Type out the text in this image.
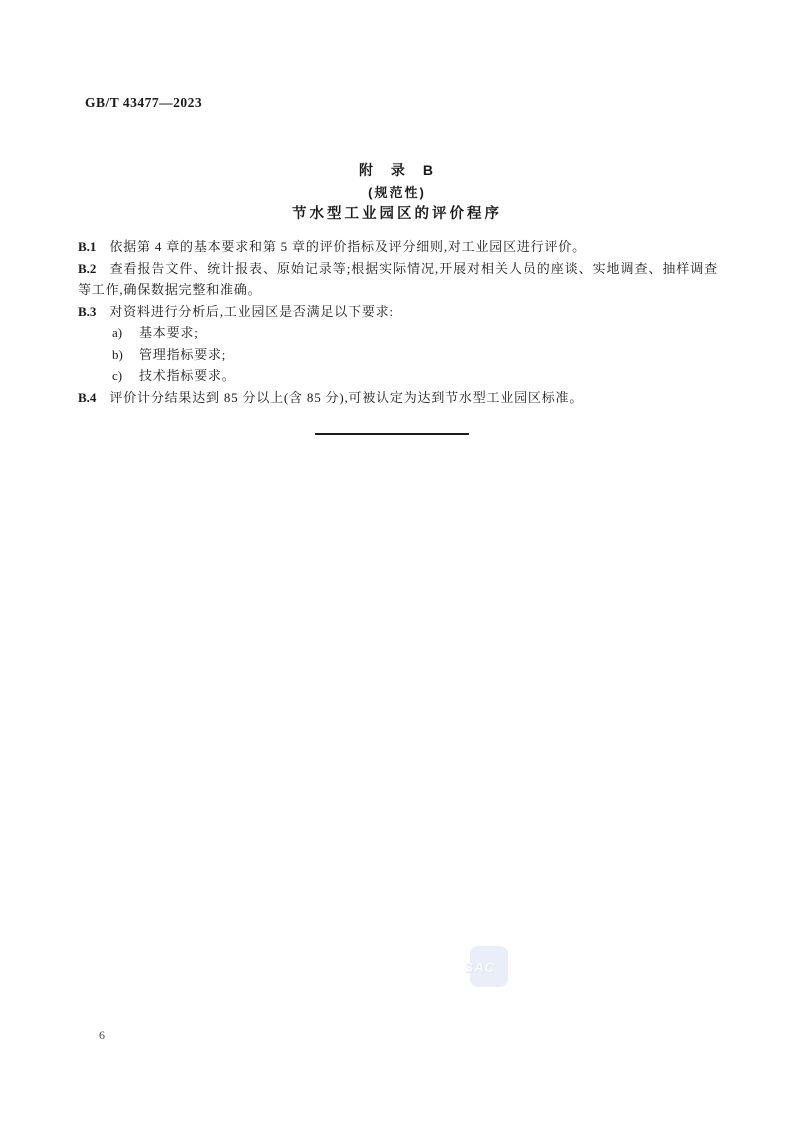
GB/T 43477—2023
附　录　B
(规范性)
节水型工业园区的评价程序

B.1 依据第 4 章的基本要求和第 5 章的评价指标及评分细则,对工业园区进行评价。

B.2 查看报告文件、统计报表、原始记录等;根据实际情况,开展对相关人员的座谈、实地调查、抽样调查等工作,确保数据完整和准确。

B.3 对资料进行分析后,工业园区是否满足以下要求:

a) 基本要求;
b) 管理指标要求;
c) 技术指标要求。

B.4 评价计分结果达到 85 分以上(含 85 分),可被认定为达到节水型工业园区标准。

SAC
6
